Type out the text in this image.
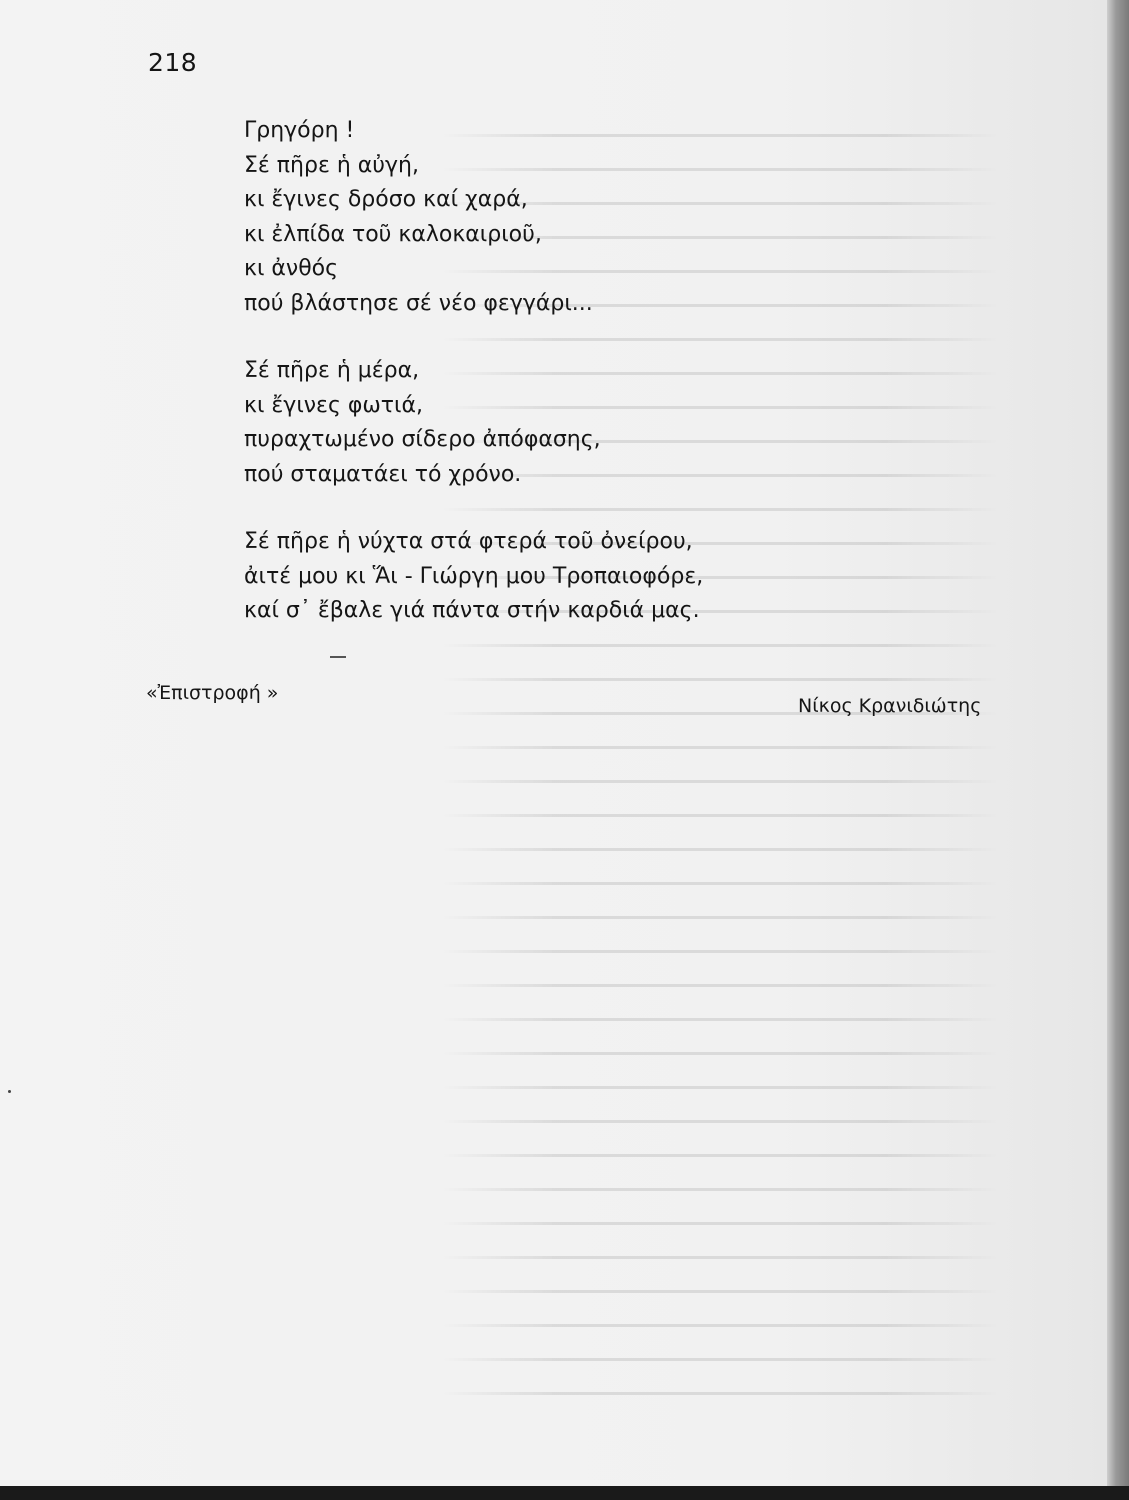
218
Γρηγόρη !
Σέ πῆρε ἡ αὐγή,
κι ἔγινες δρόσο καί χαρά,
κι ἐλπίδα τοῦ καλοκαιριοῦ,
κι ἀνθός
πού βλάστησε σέ νέο φεγγάρι...
Σέ πῆρε ἡ μέρα,
κι ἔγινες φωτιά,
πυραχτωμένο σίδερο ἀπόφασης,
πού σταματάει τό χρόνο.
Σέ πῆρε ἡ νύχτα στά φτερά τοῦ ὀνείρου,
ἀιτέ μου κι Ἅι - Γιώργη μου Τροπαιοφόρε,
καί σ᾽ ἔβαλε γιά πάντα στήν καρδιά μας.
«Ἐπιστροφή »
Νίκος Κρανιδιώτης
